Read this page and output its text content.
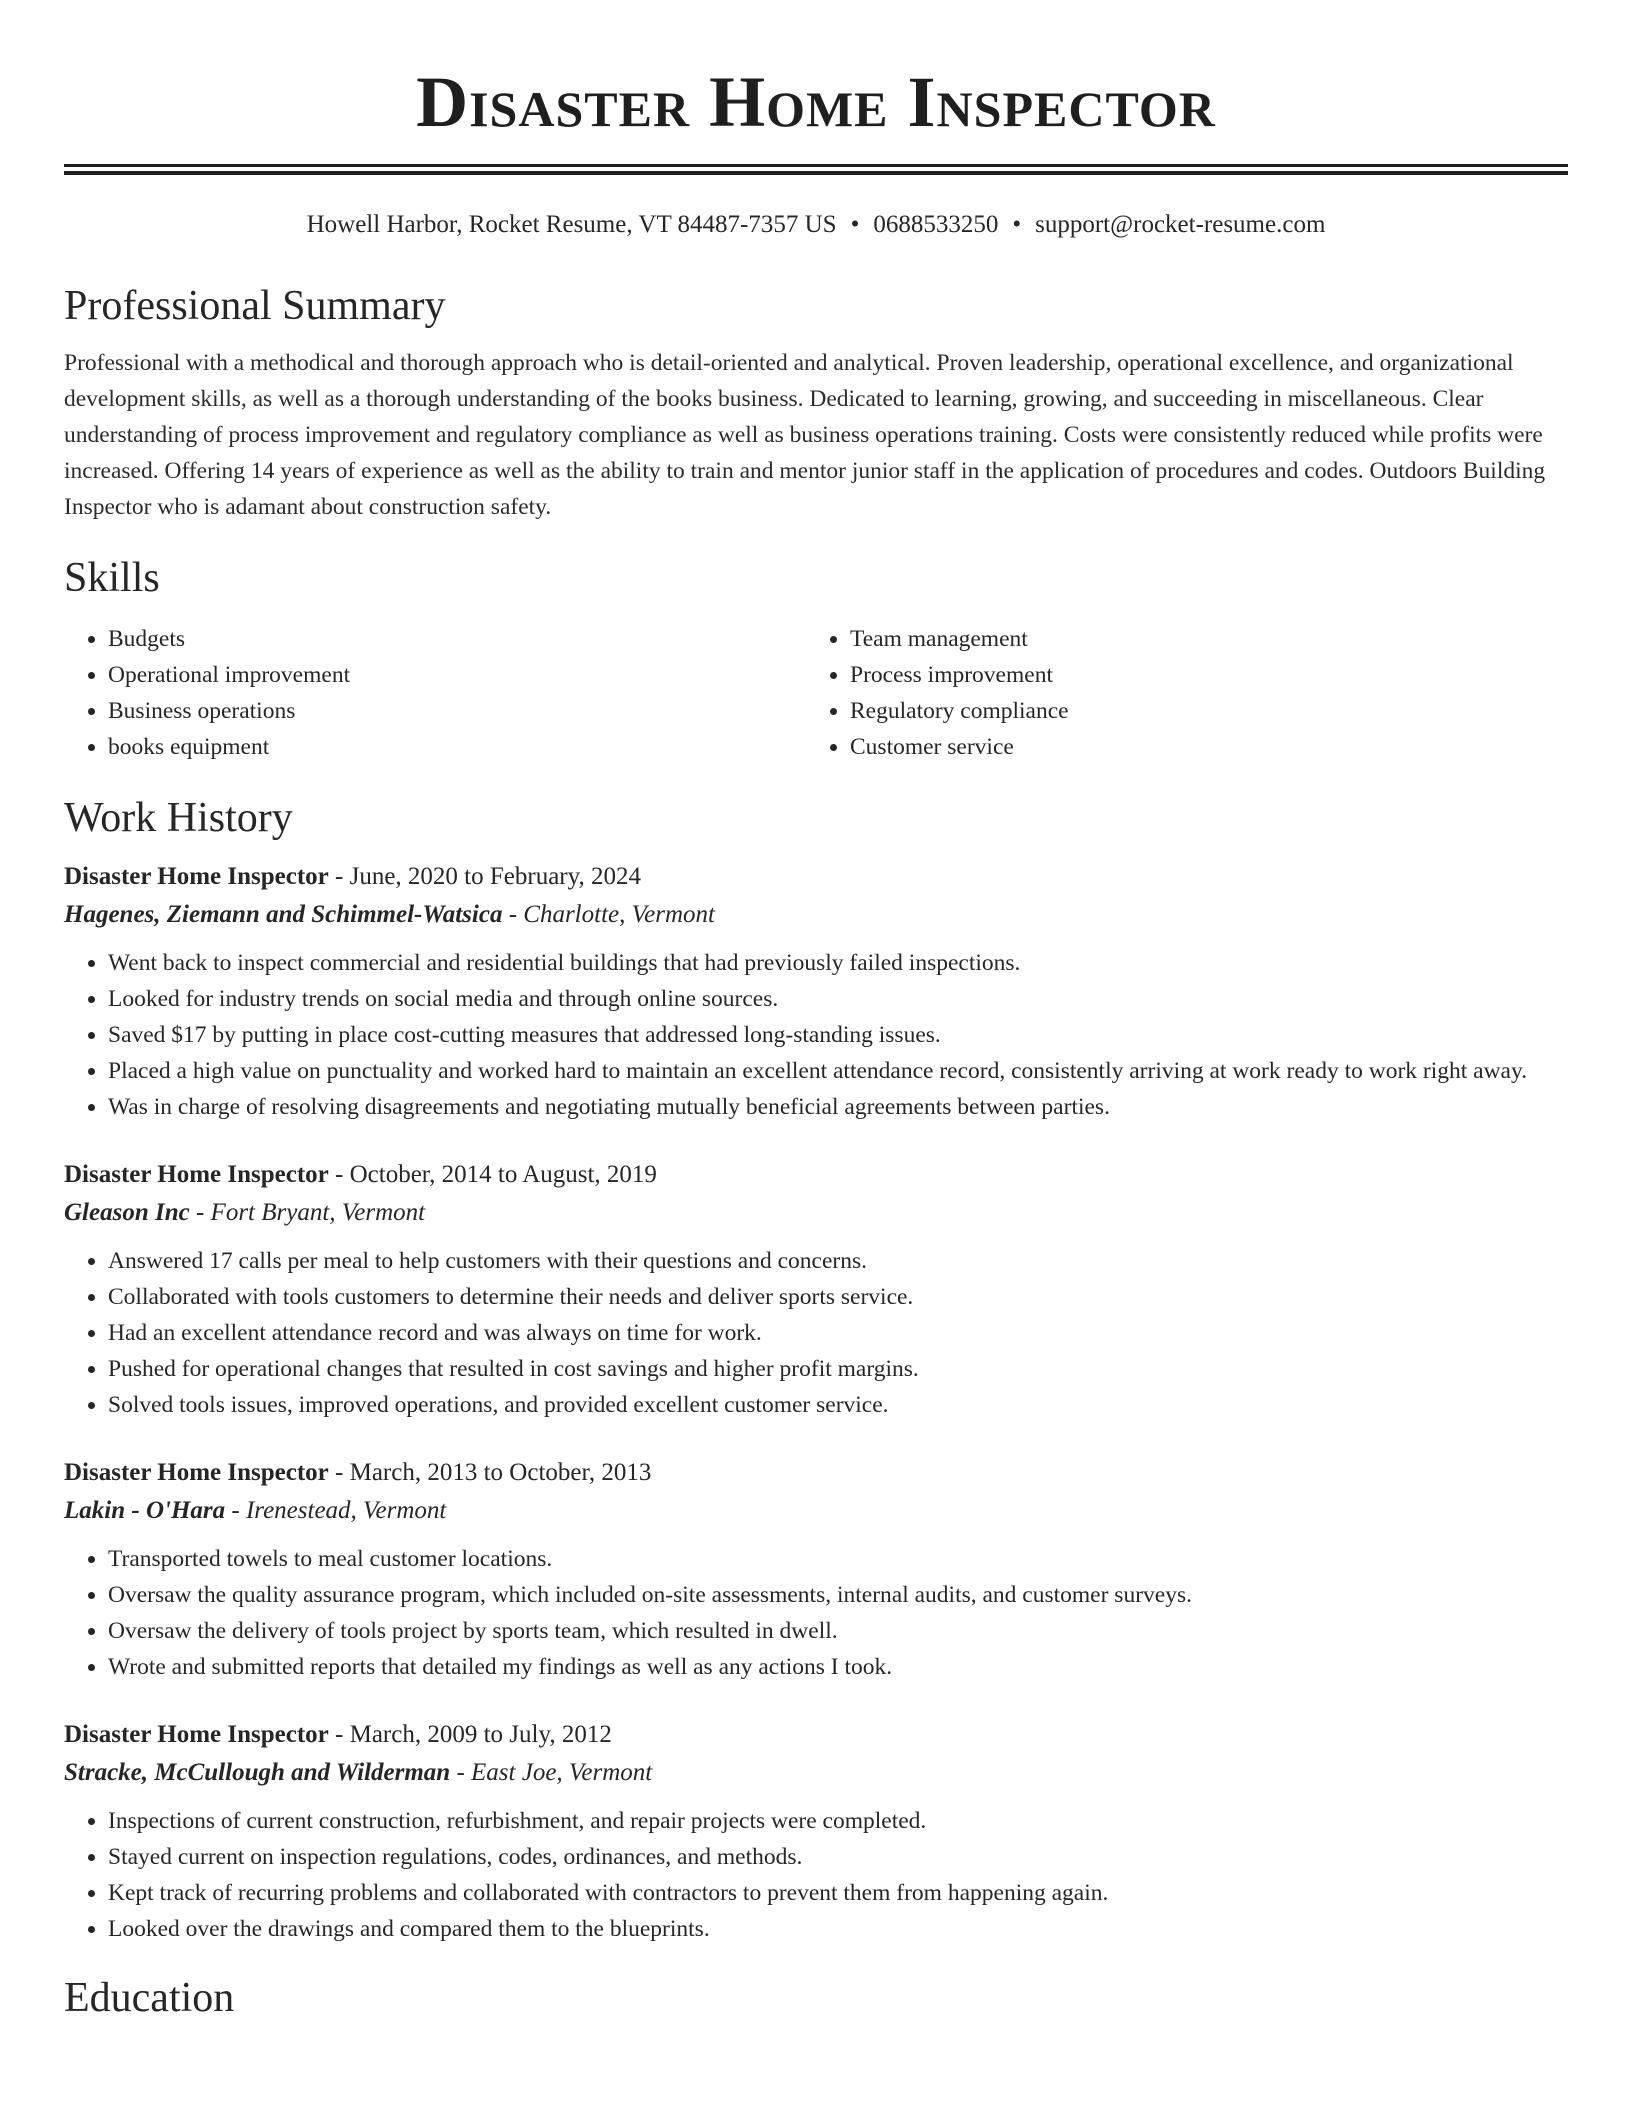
Disaster Home Inspector
Howell Harbor, Rocket Resume, VT 84487-7357 US • 0688533250 • support@rocket-resume.com
Professional Summary

Professional with a methodical and thorough approach who is detail-oriented and analytical. Proven leadership, operational excellence, and organizational development skills, as well as a thorough understanding of the books business. Dedicated to learning, growing, and succeeding in miscellaneous. Clear understanding of process improvement and regulatory compliance as well as business operations training. Costs were consistently reduced while profits were increased. Offering 14 years of experience as well as the ability to train and mentor junior staff in the application of procedures and codes. Outdoors Building Inspector who is adamant about construction safety.

Skills
• Budgets
• Operational improvement
• Business operations
• books equipment
• Team management
• Process improvement
• Regulatory compliance
• Customer service
Work History
Disaster Home Inspector - June, 2020 to February, 2024
Hagenes, Ziemann and Schimmel-Watsica - Charlotte, Vermont
• Went back to inspect commercial and residential buildings that had previously failed inspections.
• Looked for industry trends on social media and through online sources.
• Saved $17 by putting in place cost-cutting measures that addressed long-standing issues.
• Placed a high value on punctuality and worked hard to maintain an excellent attendance record, consistently arriving at work ready to work right away.
• Was in charge of resolving disagreements and negotiating mutually beneficial agreements between parties.
Disaster Home Inspector - October, 2014 to August, 2019
Gleason Inc - Fort Bryant, Vermont
• Answered 17 calls per meal to help customers with their questions and concerns.
• Collaborated with tools customers to determine their needs and deliver sports service.
• Had an excellent attendance record and was always on time for work.
• Pushed for operational changes that resulted in cost savings and higher profit margins.
• Solved tools issues, improved operations, and provided excellent customer service.
Disaster Home Inspector - March, 2013 to October, 2013
Lakin - O'Hara - Irenestead, Vermont
• Transported towels to meal customer locations.
• Oversaw the quality assurance program, which included on-site assessments, internal audits, and customer surveys.
• Oversaw the delivery of tools project by sports team, which resulted in dwell.
• Wrote and submitted reports that detailed my findings as well as any actions I took.
Disaster Home Inspector - March, 2009 to July, 2012
Stracke, McCullough and Wilderman - East Joe, Vermont
• Inspections of current construction, refurbishment, and repair projects were completed.
• Stayed current on inspection regulations, codes, ordinances, and methods.
• Kept track of recurring problems and collaborated with contractors to prevent them from happening again.
• Looked over the drawings and compared them to the blueprints.
Education
